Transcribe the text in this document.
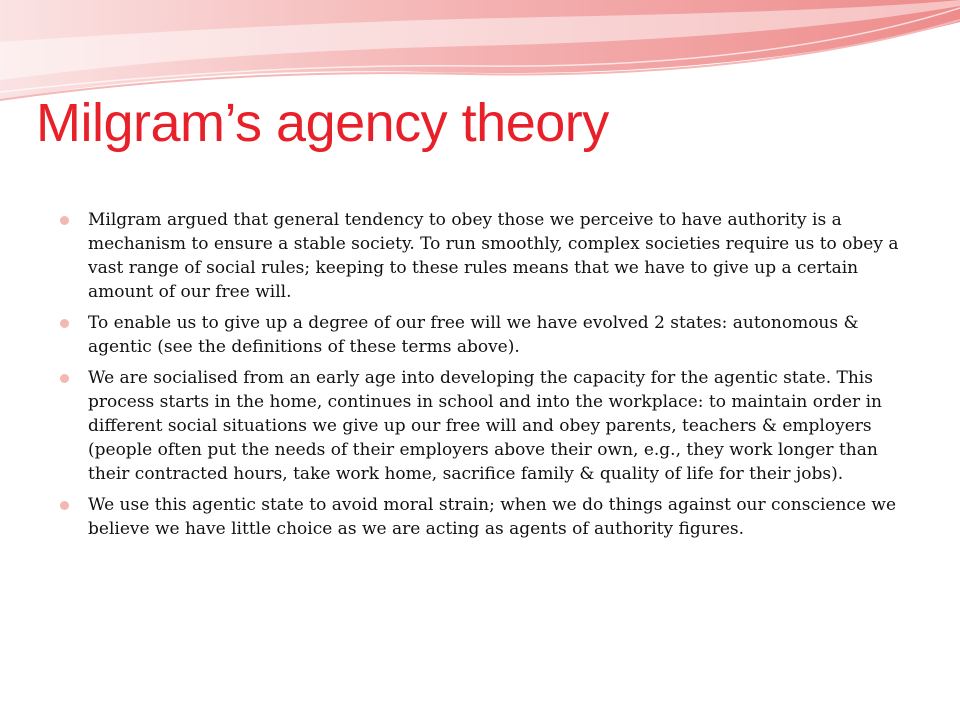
Milgram’s agency theory
Milgram argued that general tendency to obey those we perceive to have authority is a mechanism to ensure a stable society. To run smoothly, complex societies require us to obey a vast range of social rules; keeping to these rules means that we have to give up a certain amount of our free will.
To enable us to give up a degree of our free will we have evolved 2 states: autonomous & agentic (see the definitions of these terms above).
We are socialised from an early age into developing the capacity for the agentic state. This process starts in the home, continues in school and into the workplace: to maintain order in different social situations we give up our free will and obey parents, teachers & employers (people often put the needs of their employers above their own, e.g., they work longer than their contracted hours, take work home, sacrifice family & quality of life for their jobs).
We use this agentic state to avoid moral strain; when we do things against our conscience we believe we have little choice as we are acting as agents of authority figures.
